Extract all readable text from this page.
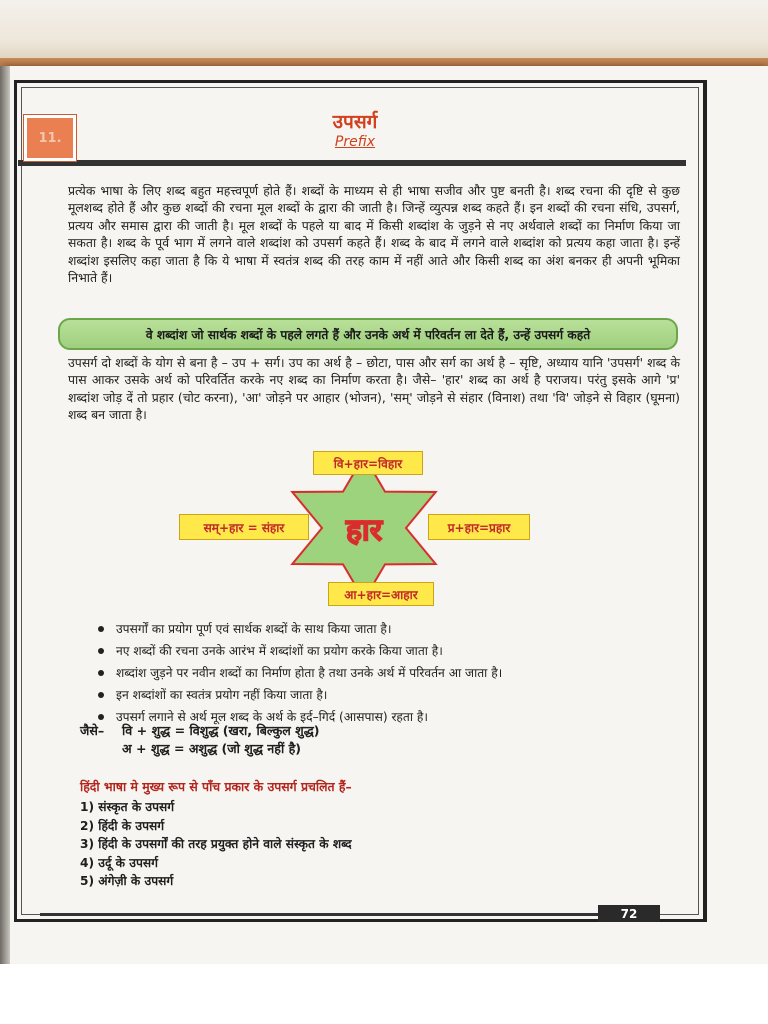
11.
उपसर्ग
Prefix
प्रत्येक भाषा के लिए शब्द बहुत महत्त्वपूर्ण होते हैं। शब्दों के माध्यम से ही भाषा सजीव और पुष्ट बनती है। शब्द रचना की दृष्टि से कुछ मूलशब्द होते हैं और कुछ शब्दों की रचना मूल शब्दों के द्वारा की जाती है। जिन्हें व्युत्पन्न शब्द कहते हैं। इन शब्दों की रचना संधि, उपसर्ग, प्रत्यय और समास द्वारा की जाती है। मूल शब्दों के पहले या बाद में किसी शब्दांश के जुड़ने से नए अर्थवाले शब्दों का निर्माण किया जा सकता है। शब्द के पूर्व भाग में लगने वाले शब्दांश को उपसर्ग कहते हैं। शब्द के बाद में लगने वाले शब्दांश को प्रत्यय कहा जाता है। इन्हें शब्दांश इसलिए कहा जाता है कि ये भाषा में स्वतंत्र शब्द की तरह काम में नहीं आते और किसी शब्द का अंश बनकर ही अपनी भूमिका निभाते हैं।
वे शब्दांश जो सार्थक शब्दों के पहले लगते हैं और उनके अर्थ में परिवर्तन ला देते हैं, उन्हें उपसर्ग कहते
उपसर्ग दो शब्दों के योग से बना है – उप + सर्ग। उप का अर्थ है – छोटा, पास और सर्ग का अर्थ है – सृष्टि, अध्याय यानि 'उपसर्ग' शब्द के पास आकर उसके अर्थ को परिवर्तित करके नए शब्द का निर्माण करता है। जैसे– 'हार' शब्द का अर्थ है पराजय। परंतु इसके आगे 'प्र' शब्दांश जोड़ दें तो प्रहार (चोट करना), 'आ' जोड़ने पर आहार (भोजन), 'सम्' जोड़ने से संहार (विनाश) तथा 'वि' जोड़ने से विहार (घूमना) शब्द बन जाता है।
वि+हार=विहार
सम्+हार = संहार	प्र+हार=प्रहार
आ+हार=आहार
हार
उपसर्गों का प्रयोग पूर्ण एवं सार्थक शब्दों के साथ किया जाता है।
नए शब्दों की रचना उनके आरंभ में शब्दांशों का प्रयोग करके किया जाता है।
शब्दांश जुड़ने पर नवीन शब्दों का निर्माण होता है तथा उनके अर्थ में परिवर्तन आ जाता है।
इन शब्दांशों का स्वतंत्र प्रयोग नहीं किया जाता है।
उपसर्ग लगाने से अर्थ मूल शब्द के अर्थ के इर्द–गिर्द (आसपास) रहता है।
जैसे– वि + शुद्ध = विशुद्ध (खरा, बिल्कुल शुद्ध)
अ + शुद्ध = अशुद्ध (जो शुद्ध नहीं है)
हिंदी भाषा मे मुख्य रूप से पाँच प्रकार के उपसर्ग प्रचलित हैं–
1) संस्कृत के उपसर्ग
2) हिंदी के उपसर्ग
3) हिंदी के उपसर्गों की तरह प्रयुक्त होने वाले संस्कृत के शब्द
4) उर्दू के उपसर्ग
5) अंगेज़ी के उपसर्ग
72
